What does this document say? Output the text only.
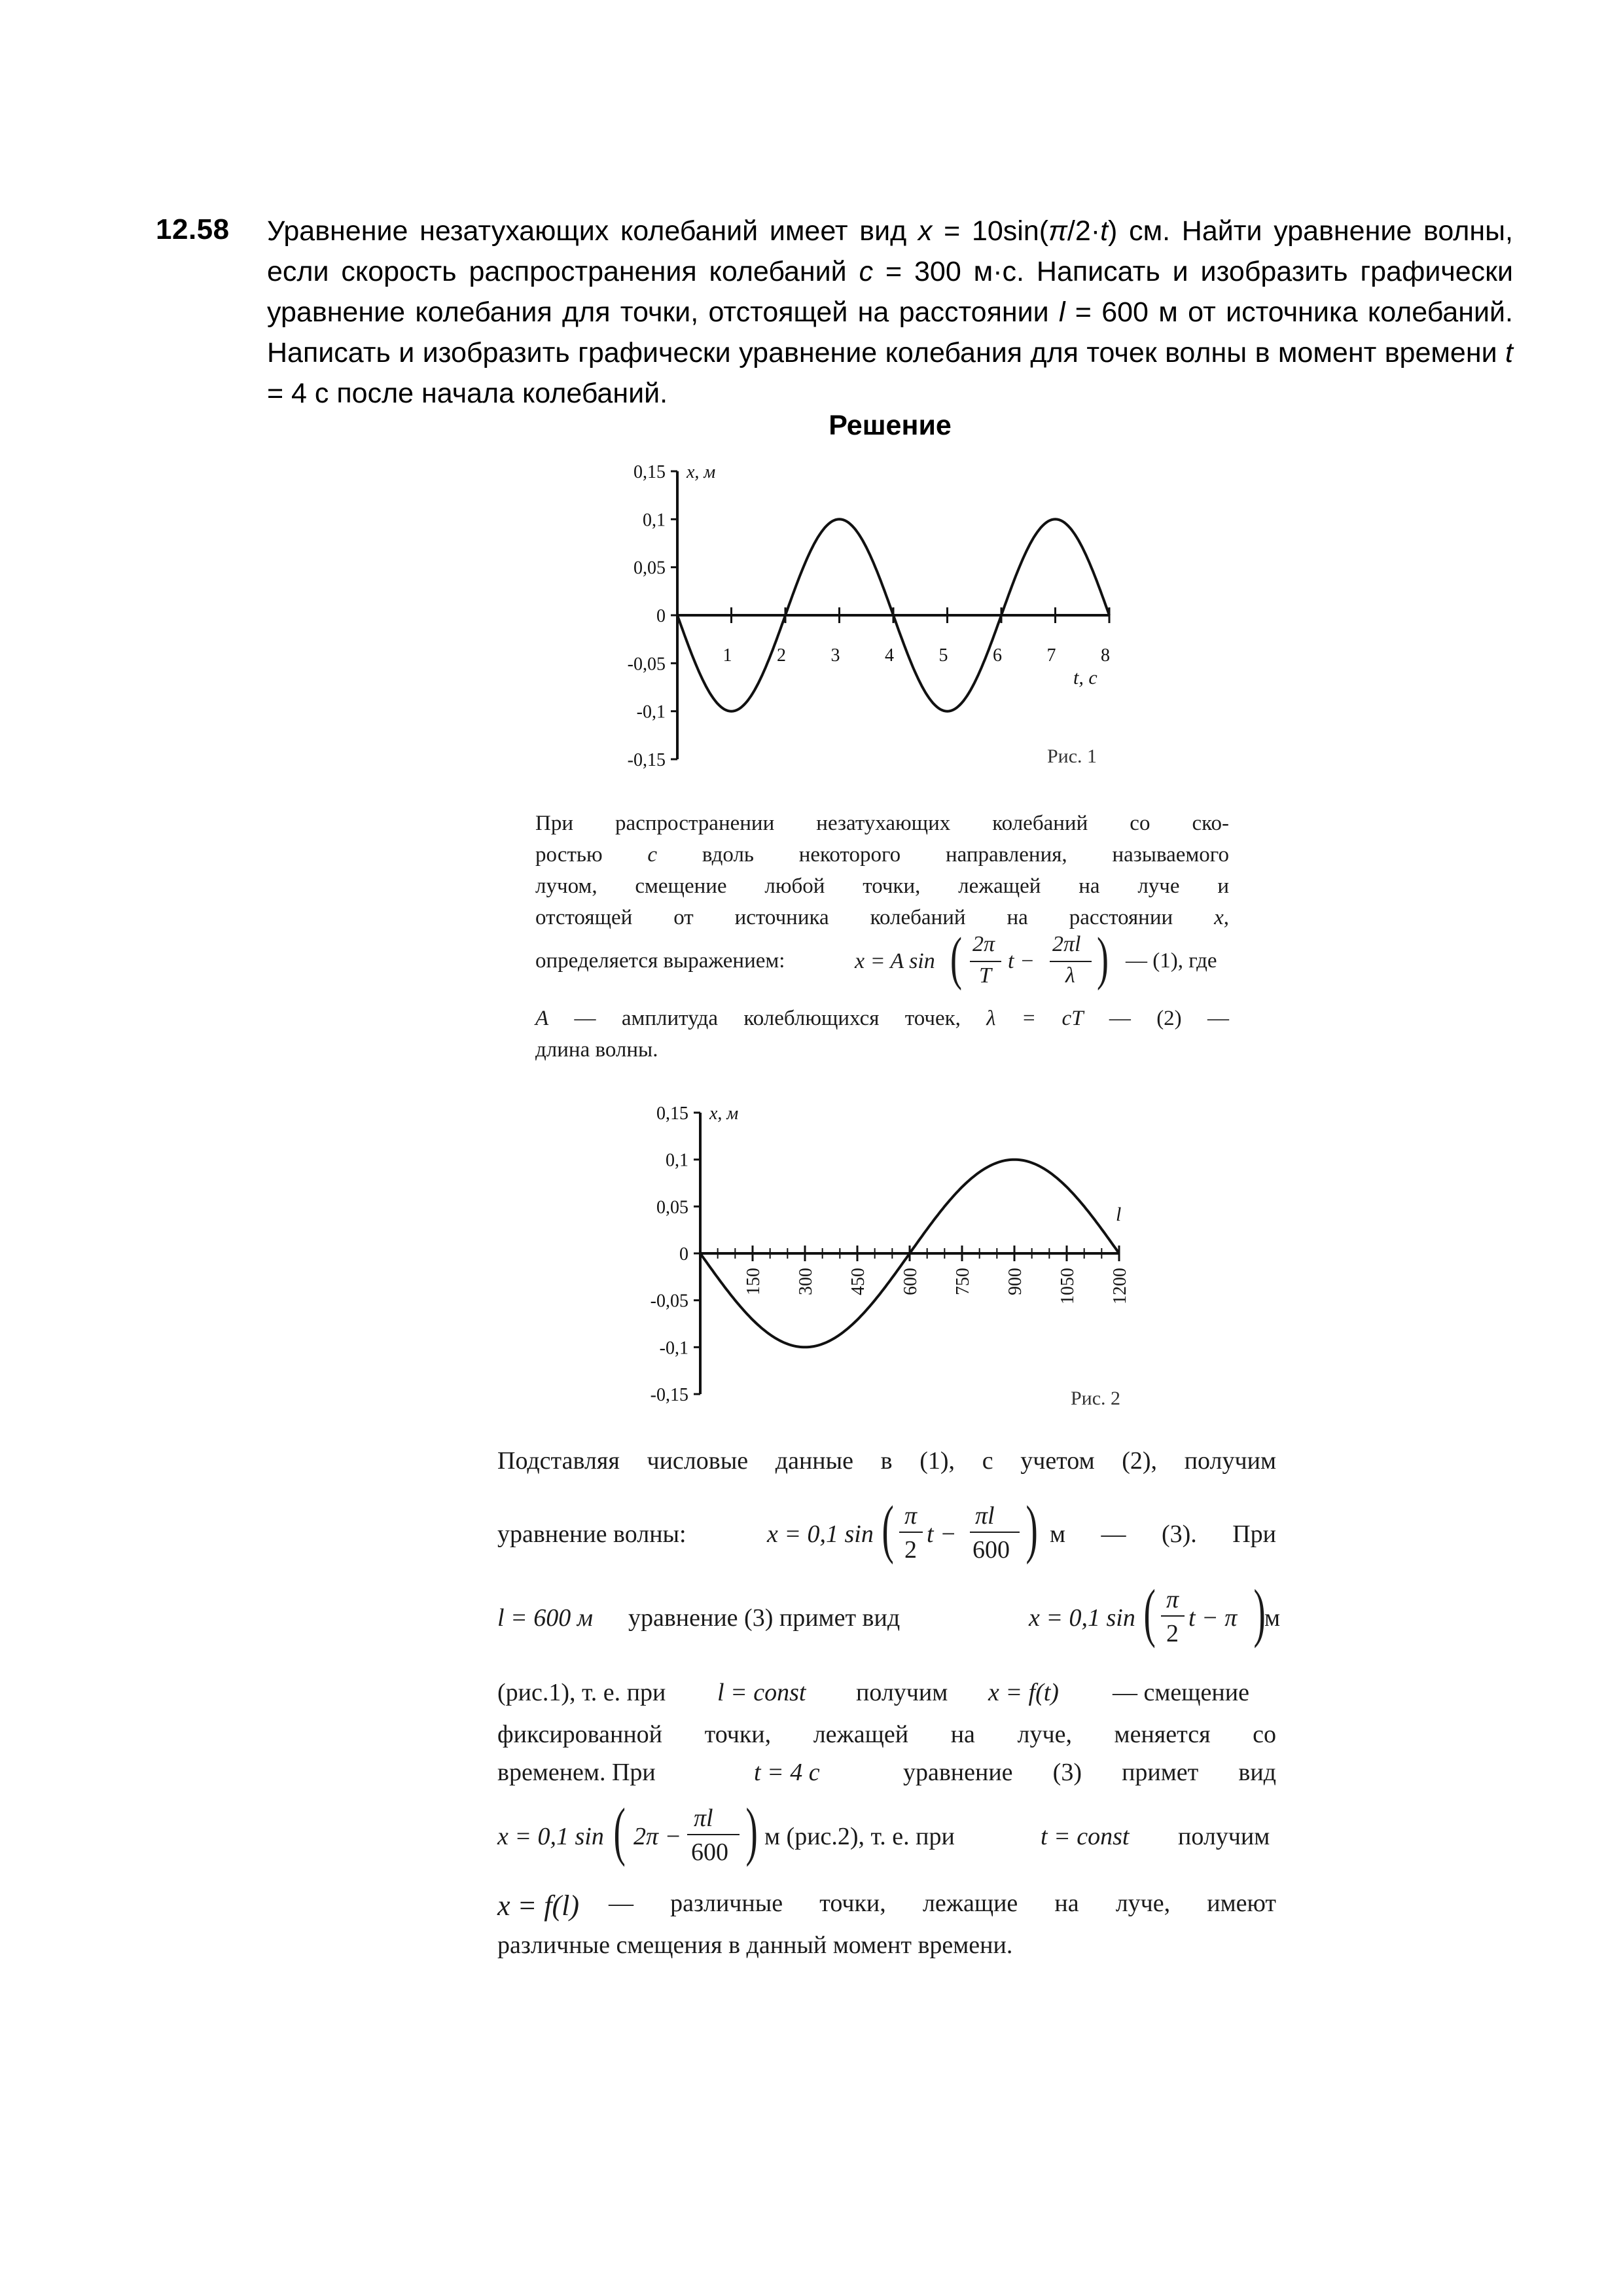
12.58 Уравнение незатухающих колебаний имеет вид x = 10sin(π/2·t) см. Найти уравнение волны, если скорость распространения колебаний c = 300 м·с. Написать и изобразить графически уравнение колебания для точки, отстоящей на расстоянии l = 600 м от источника колебаний. Написать и изобразить графически уравнение колебания для точек волны в момент времени t = 4 с после начала колебаний.
Решение
0,15
0,1
0,05
0
-0,05
-0,1
-0,15
1 2 3 4 5 6 7 8
x, м
t, c
Рис. 1
При распространении незатухающих колебаний со ско-
ростью c вдоль некоторого направления, называемого
лучом, смещение любой точки, лежащей на луче и
отстоящей от источника колебаний на расстоянии x,
определяется выражением:	x = A sin ( 2π
T
t −
2πl
λ ) — (1), где
A — амплитуда колеблющихся точек, λ = cT — (2) —
длина волны.
0,15
0,1
0,05
0
-0,05
-0,1
-0,15
150 300 450 600 750 900 1050 1200
x, м
l
Рис. 2
Подставляя числовые данные в (1), с учетом (2), получим
уравнение волны:	x = 0,1 sin ( π
2
t −
πl
600 ) м — (3). При
l = 600 м уравнение (3) примет вид	x = 0,1 sin ( π
2
t − π )
м
(рис.1), т. е. при l = const получим x = f(t) — смещение
фиксированной точки, лежащей на луче, меняется со
временем. При	t = 4 с	уравнение (3) примет вид
x = 0,1 sin ( 2π −
πl
600 ) м (рис.2), т. е. при	t = const получим
x = f(l) — различные точки, лежащие на луче, имеют
различные смещения в данный момент времени.
